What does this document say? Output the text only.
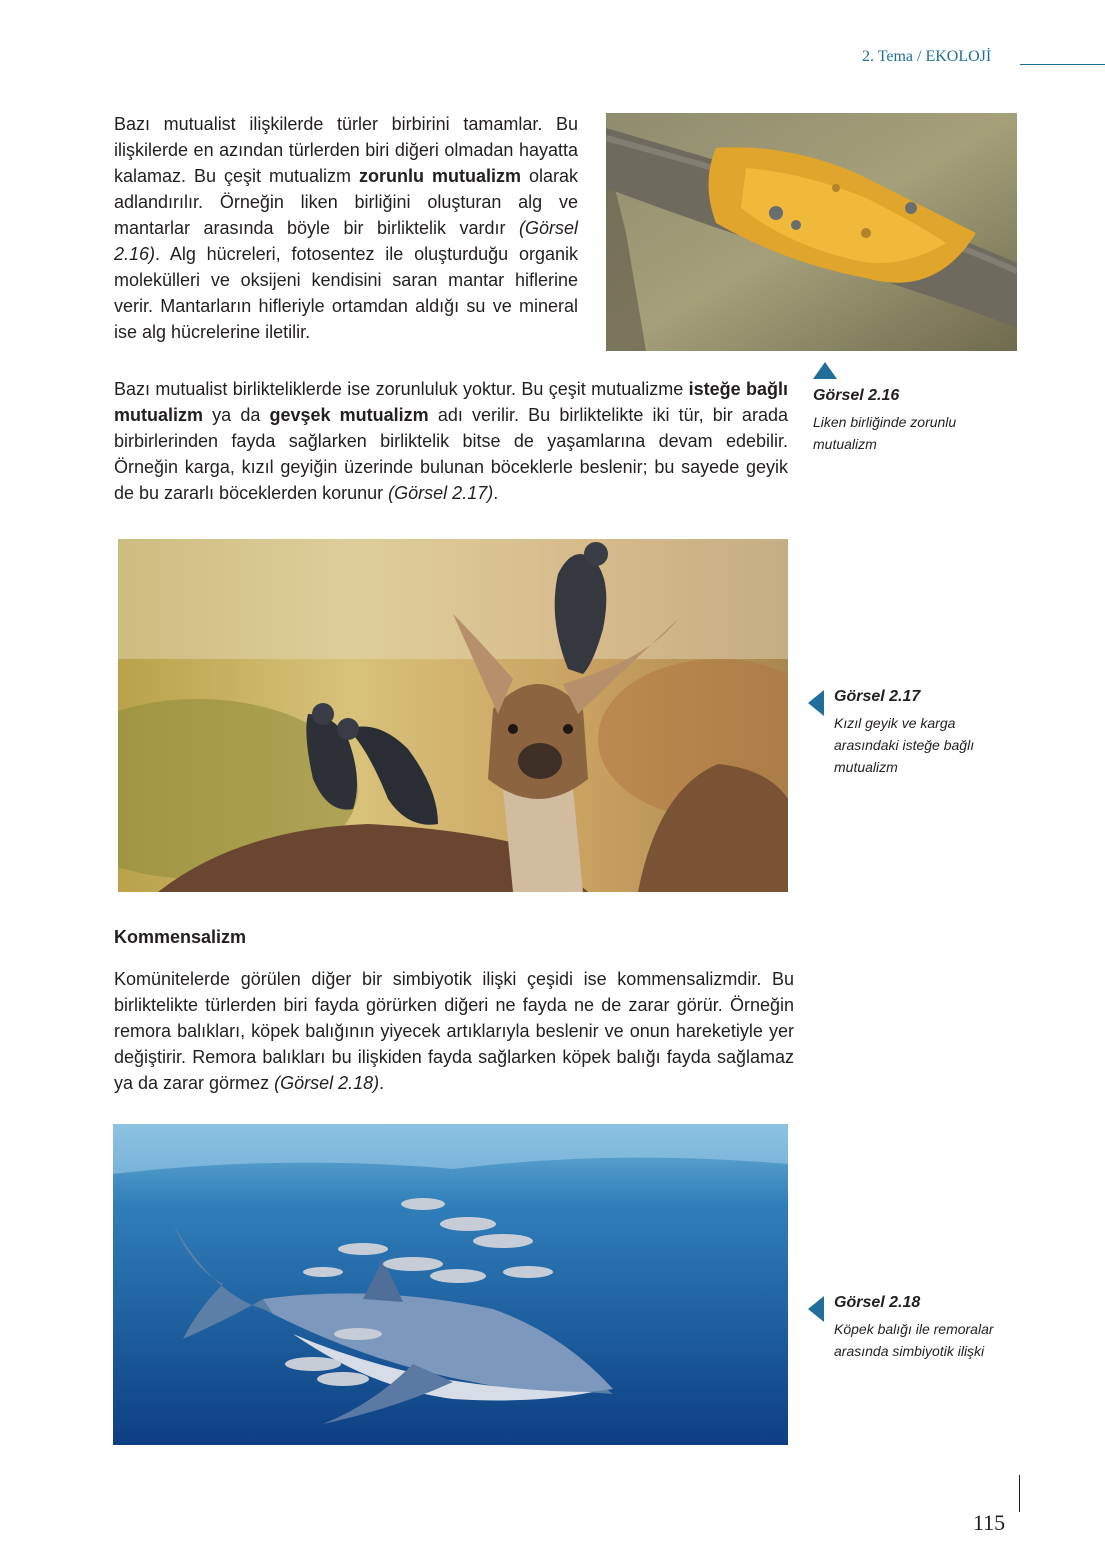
2. Tema / EKOLOJİ

Bazı mutualist ilişkilerde türler birbirini tamamlar. Bu ilişkilerde en azından türlerden biri diğeri olmadan hayatta kalamaz. Bu çeşit mutualizm zorunlu mutualizm olarak adlandırılır. Örneğin liken birliğini oluşturan alg ve mantarlar arasında böyle bir birliktelik vardır (Görsel 2.16). Alg hücreleri, fotosentez ile oluşturduğu organik molekülleri ve oksijeni kendisini saran mantar hiflerine verir. Mantarların hifleriyle ortamdan aldığı su ve mineral ise alg hücrelerine iletilir.

Görsel 2.16
Liken birliğinde zorunlu mutualizm

Bazı mutualist birlikteliklerde ise zorunluluk yoktur. Bu çeşit mutualizme isteğe bağlı mutualizm ya da gevşek mutualizm adı verilir. Bu birliktelikte iki tür, bir arada birbirlerinden fayda sağlarken birliktelik bitse de yaşamlarına devam edebilir. Örneğin karga, kızıl geyiğin üzerinde bulunan böceklerle beslenir; bu sayede geyik de bu zararlı böceklerden korunur (Görsel 2.17).

Görsel 2.17
Kızıl geyik ve karga arasındaki isteğe bağlı mutualizm
Kommensalizm

Komünitelerde görülen diğer bir simbiyotik ilişki çeşidi ise kommensalizmdir. Bu birliktelikte türlerden biri fayda görürken diğeri ne fayda ne de zarar görür. Örneğin remora balıkları, köpek balığının yiyecek artıklarıyla beslenir ve onun hareketiyle yer değiştirir. Remora balıkları bu ilişkiden fayda sağlarken köpek balığı fayda sağlamaz ya da zarar görmez (Görsel 2.18).

Görsel 2.18
Köpek balığı ile remoralar arasında simbiyotik ilişki
115
